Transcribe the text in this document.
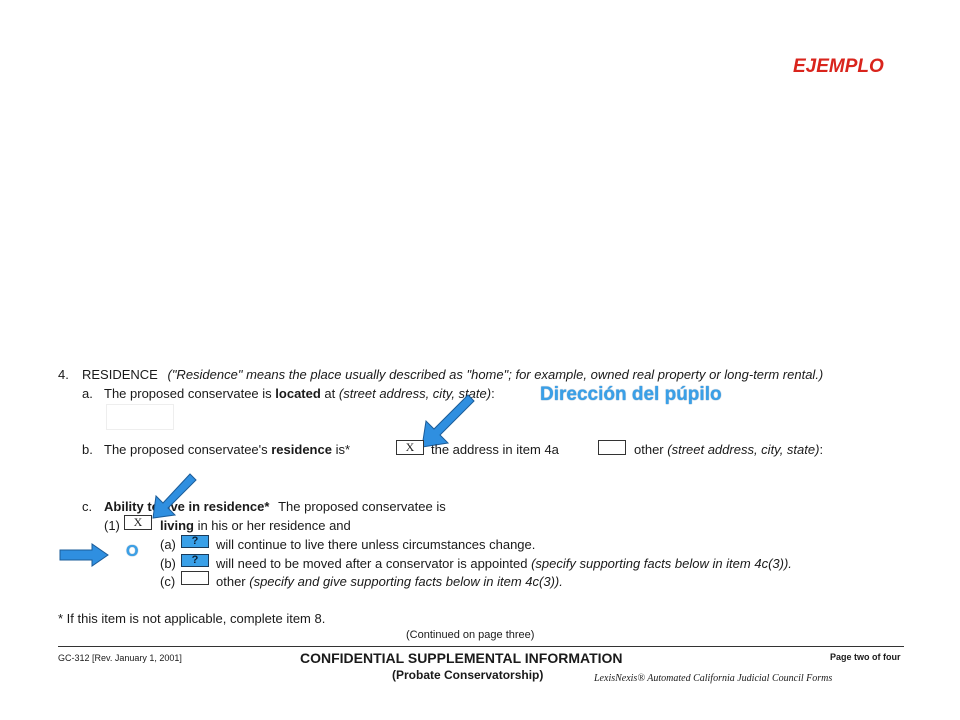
EJEMPLO
4. RESIDENCE ("Residence" means the place usually described as "home"; for example, owned real property or long-term rental.)
a. The proposed conservatee is located at (street address, city, state): Dirección del púpilo
b. The proposed conservatee's residence is*	X	the address in item 4a	other (street address, city, state):
c. Ability to live in residence* The proposed conservatee is
(1)	X	living in his or her residence and
(a)	?	will continue to live there unless circumstances change.
(b)	?	will need to be moved after a conservator is appointed (specify supporting facts below in item 4c(3)).
(c)	other (specify and give supporting facts below in item 4c(3)).
O
* If this item is not applicable, complete item 8.
(Continued on page three)
GC-312 [Rev. January 1, 2001]	CONFIDENTIAL SUPPLEMENTAL INFORMATION
(Probate Conservatorship)
Page two of four
LexisNexis® Automated California Judicial Council Forms
